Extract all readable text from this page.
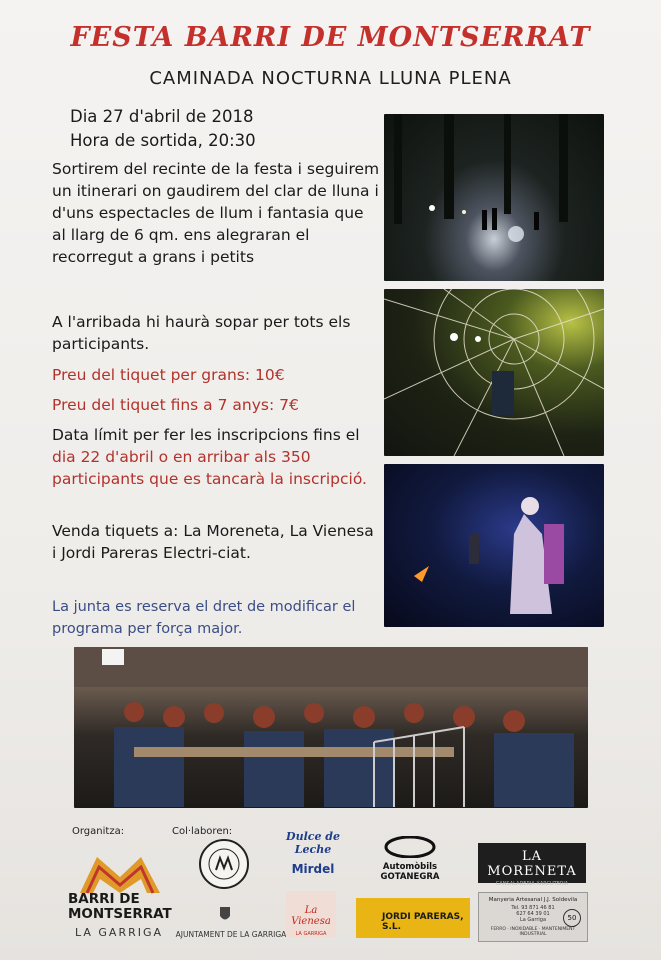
FESTA BARRI DE MONTSERRAT
CAMINADA NOCTURNA LLUNA PLENA

Dia 27 d'abril de 2018

Hora de sortida, 20:30

Sortirem del recinte de la festa i seguirem un itinerari on gaudirem del clar de lluna i d'uns espectacles de llum i fantasia que al llarg de 6 qm. ens alegraran el recorregut a grans i petits

A l'arribada hi haurà sopar per tots els participants.

Preu del tiquet per grans: 10€

Preu del tiquet fins a 7 anys: 7€

Data límit per fer les inscripcions fins el dia 22 d'abril o en arribar als 350 participants que es tancarà la inscripció.

Venda tiquets a: La Moreneta, La Vienesa i Jordi Pareras Electri-ciat.

La junta es reserva el dret de modificar el programa per força major.

Organitza:	Col·laboren:
BARRI DE
MONTSERRAT
LA GARRIGA	AJUNTAMENT DE LA GARRIGA
Dulce de Leche
Mirdel
La Vienesa
LA GARRIGA
Automòbils GOTANEGRA
JORDI PARERAS, S.L.
LA MORENETA
CANSALADERIA XARCUTERIA
Manyeria Artesanal J.J. Soldevila
Tel. 93 871 46 81
627 64 39 01
La Garriga
FERRO · INOXIDABLE · MANTENIMENT INDUSTRIAL
50
